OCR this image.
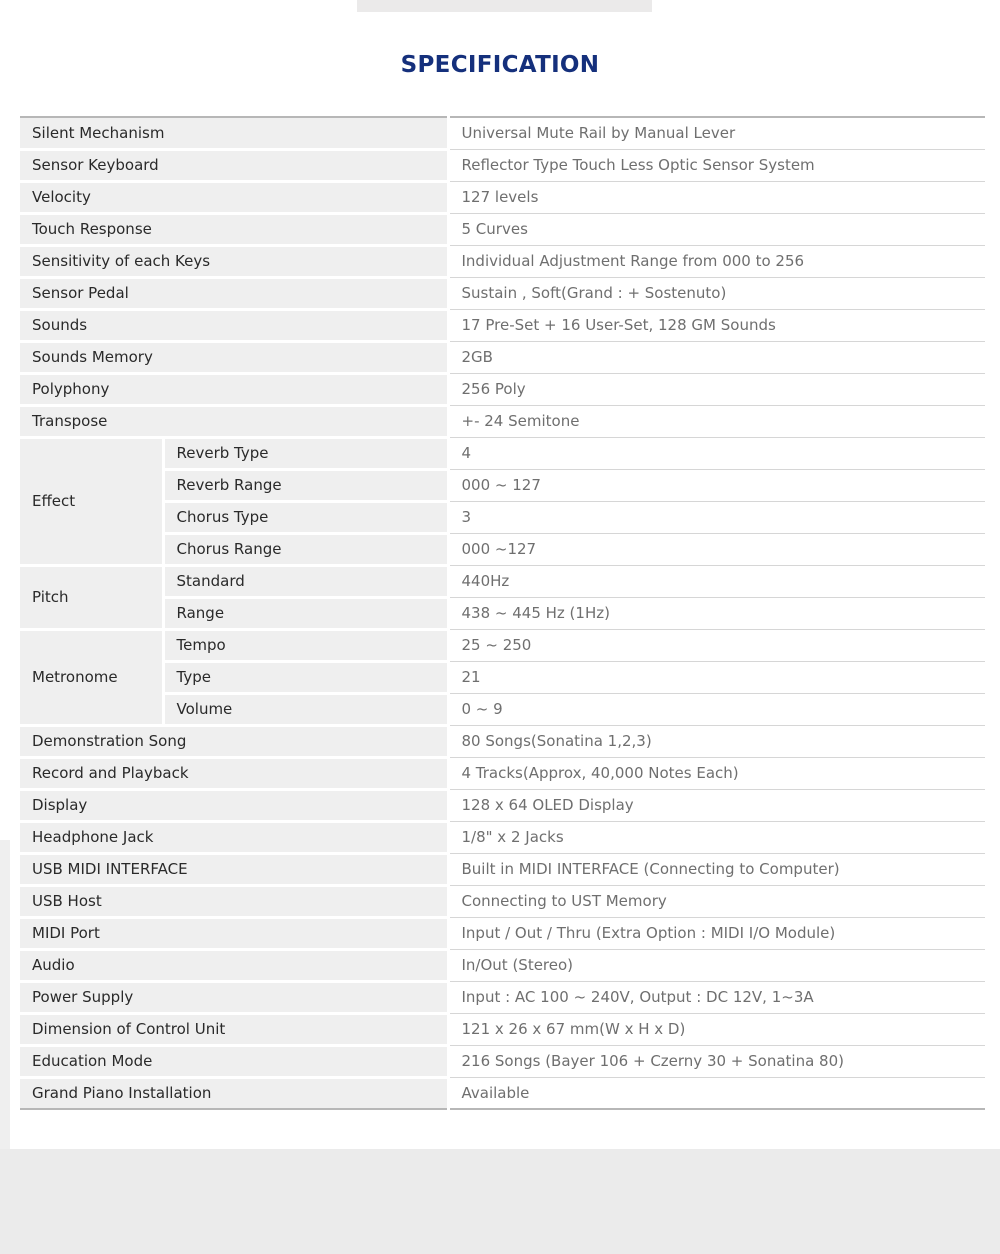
SPECIFICATION
Silent Mechanism		Universal Mute Rail by Manual Lever
Sensor Keyboard		Reflector Type Touch Less Optic Sensor System
Velocity		127 levels
Touch Response		5 Curves
Sensitivity of each Keys		Individual Adjustment Range from 000 to 256
Sensor Pedal		Sustain , Soft(Grand : + Sostenuto)
Sounds		17 Pre-Set + 16 User-Set, 128 GM Sounds
Sounds Memory		2GB
Polyphony		256 Poly
Transpose		+- 24 Semitone
Effect	Reverb Type	4
	Reverb Range	000 ~ 127
	Chorus Type	3
	Chorus Range	000 ~127
Pitch	Standard	440Hz
	Range	438 ~ 445 Hz (1Hz)
Metronome	Tempo	25 ~ 250
	Type	21
	Volume	0 ~ 9
Demonstration Song		80 Songs(Sonatina 1,2,3)
Record and Playback		4 Tracks(Approx, 40,000 Notes Each)
Display		128 x 64 OLED Display
Headphone Jack		1/8" x 2 Jacks
USB MIDI INTERFACE		Built in MIDI INTERFACE (Connecting to Computer)
USB Host		Connecting to UST Memory
MIDI Port		Input / Out / Thru (Extra Option : MIDI I/O Module)
Audio		In/Out (Stereo)
Power Supply		Input : AC 100 ~ 240V, Output : DC 12V, 1~3A
Dimension of Control Unit		121 x 26 x 67 mm(W x H x D)
Education Mode		216 Songs (Bayer 106 + Czerny 30 + Sonatina 80)
Grand Piano Installation		Available
